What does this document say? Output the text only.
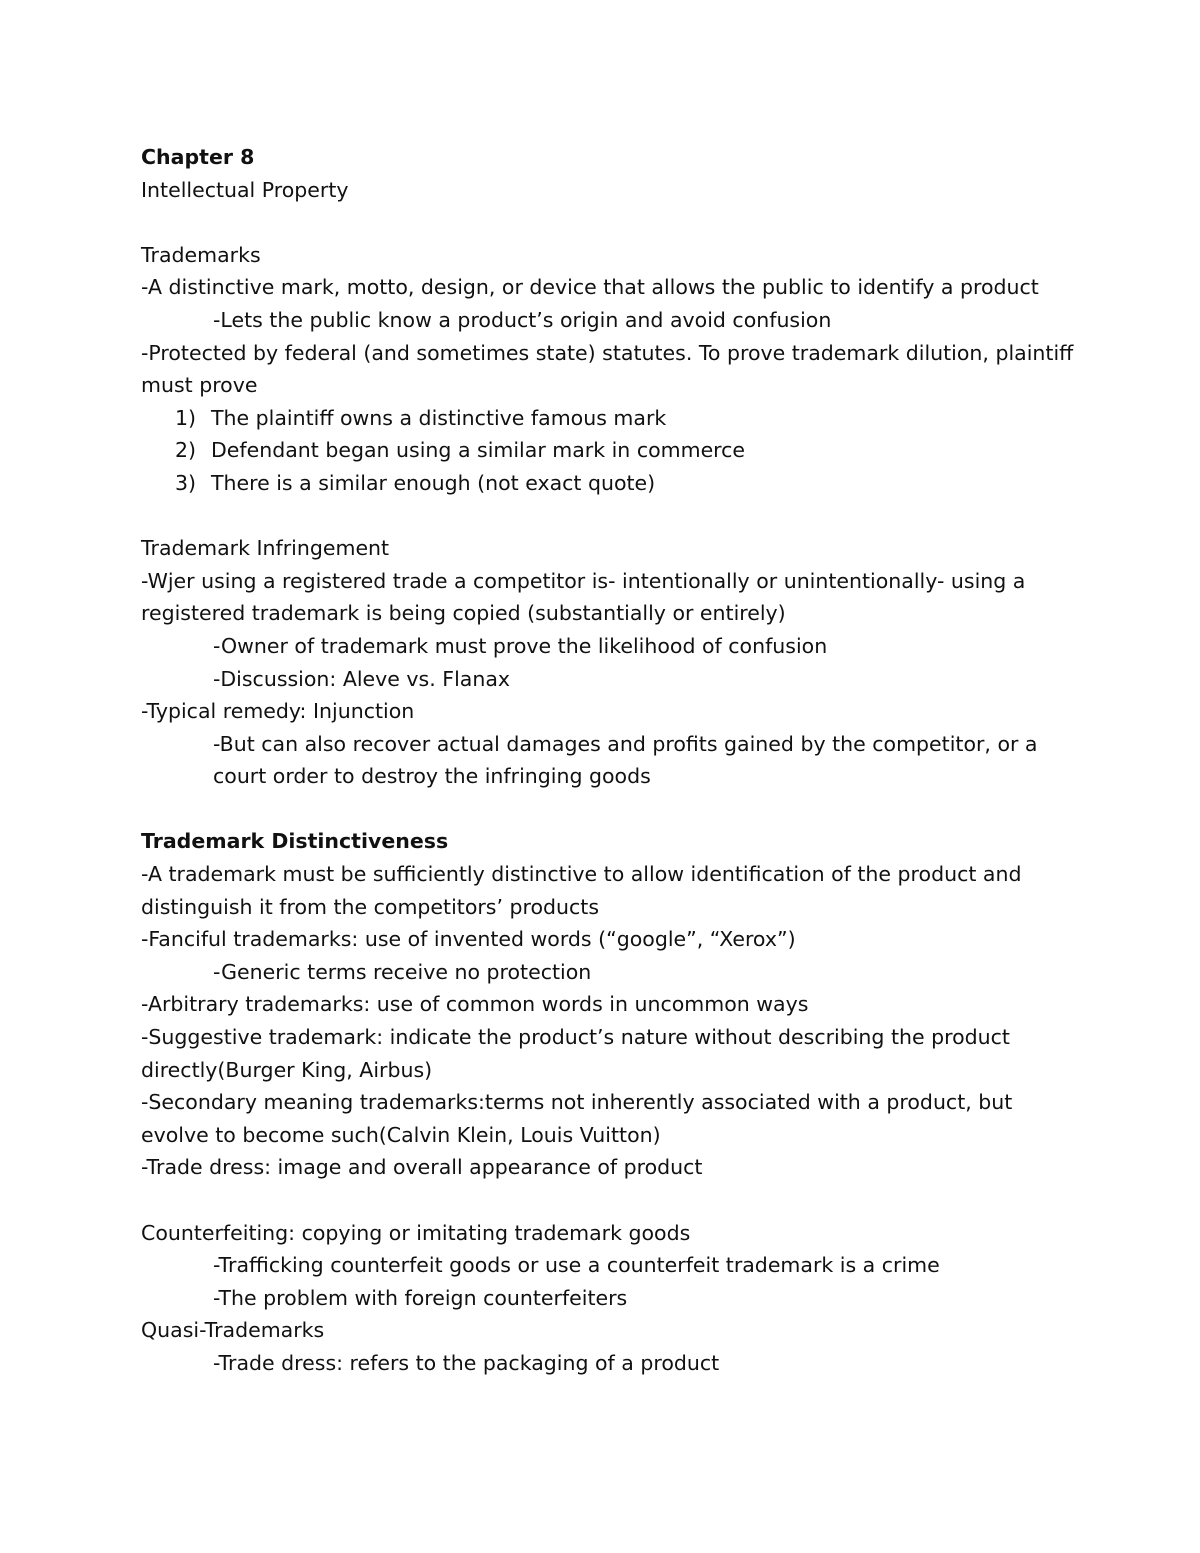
Chapter 8

Intellectual Property

Trademarks

-A distinctive mark, motto, design, or device that allows the public to identify a product

-Lets the public know a product’s origin and avoid confusion

-Protected by federal (and sometimes state) statutes. To prove trademark dilution, plaintiff must prove

1) The plaintiff owns a distinctive famous mark
2) Defendant began using a similar mark in commerce
3) There is a similar enough (not exact quote)

Trademark Infringement

-Wjer using a registered trade a competitor is- intentionally or unintentionally- using a registered trademark is being copied (substantially or entirely)

-Owner of trademark must prove the likelihood of confusion

-Discussion: Aleve vs. Flanax

-Typical remedy: Injunction

-But can also recover actual damages and profits gained by the competitor, or a court order to destroy the infringing goods

Trademark Distinctiveness

-A trademark must be sufficiently distinctive to allow identification of the product and distinguish it from the competitors’ products

-Fanciful trademarks: use of invented words (“google”, “Xerox”)

-Generic terms receive no protection

-Arbitrary trademarks: use of common words in uncommon ways

-Suggestive trademark: indicate the product’s nature without describing the product directly(Burger King, Airbus)

-Secondary meaning trademarks:terms not inherently associated with a product, but evolve to become such(Calvin Klein, Louis Vuitton)

-Trade dress: image and overall appearance of product

Counterfeiting: copying or imitating trademark goods

-Trafficking counterfeit goods or use a counterfeit trademark is a crime

-The problem with foreign counterfeiters

Quasi-Trademarks

-Trade dress: refers to the packaging of a product
